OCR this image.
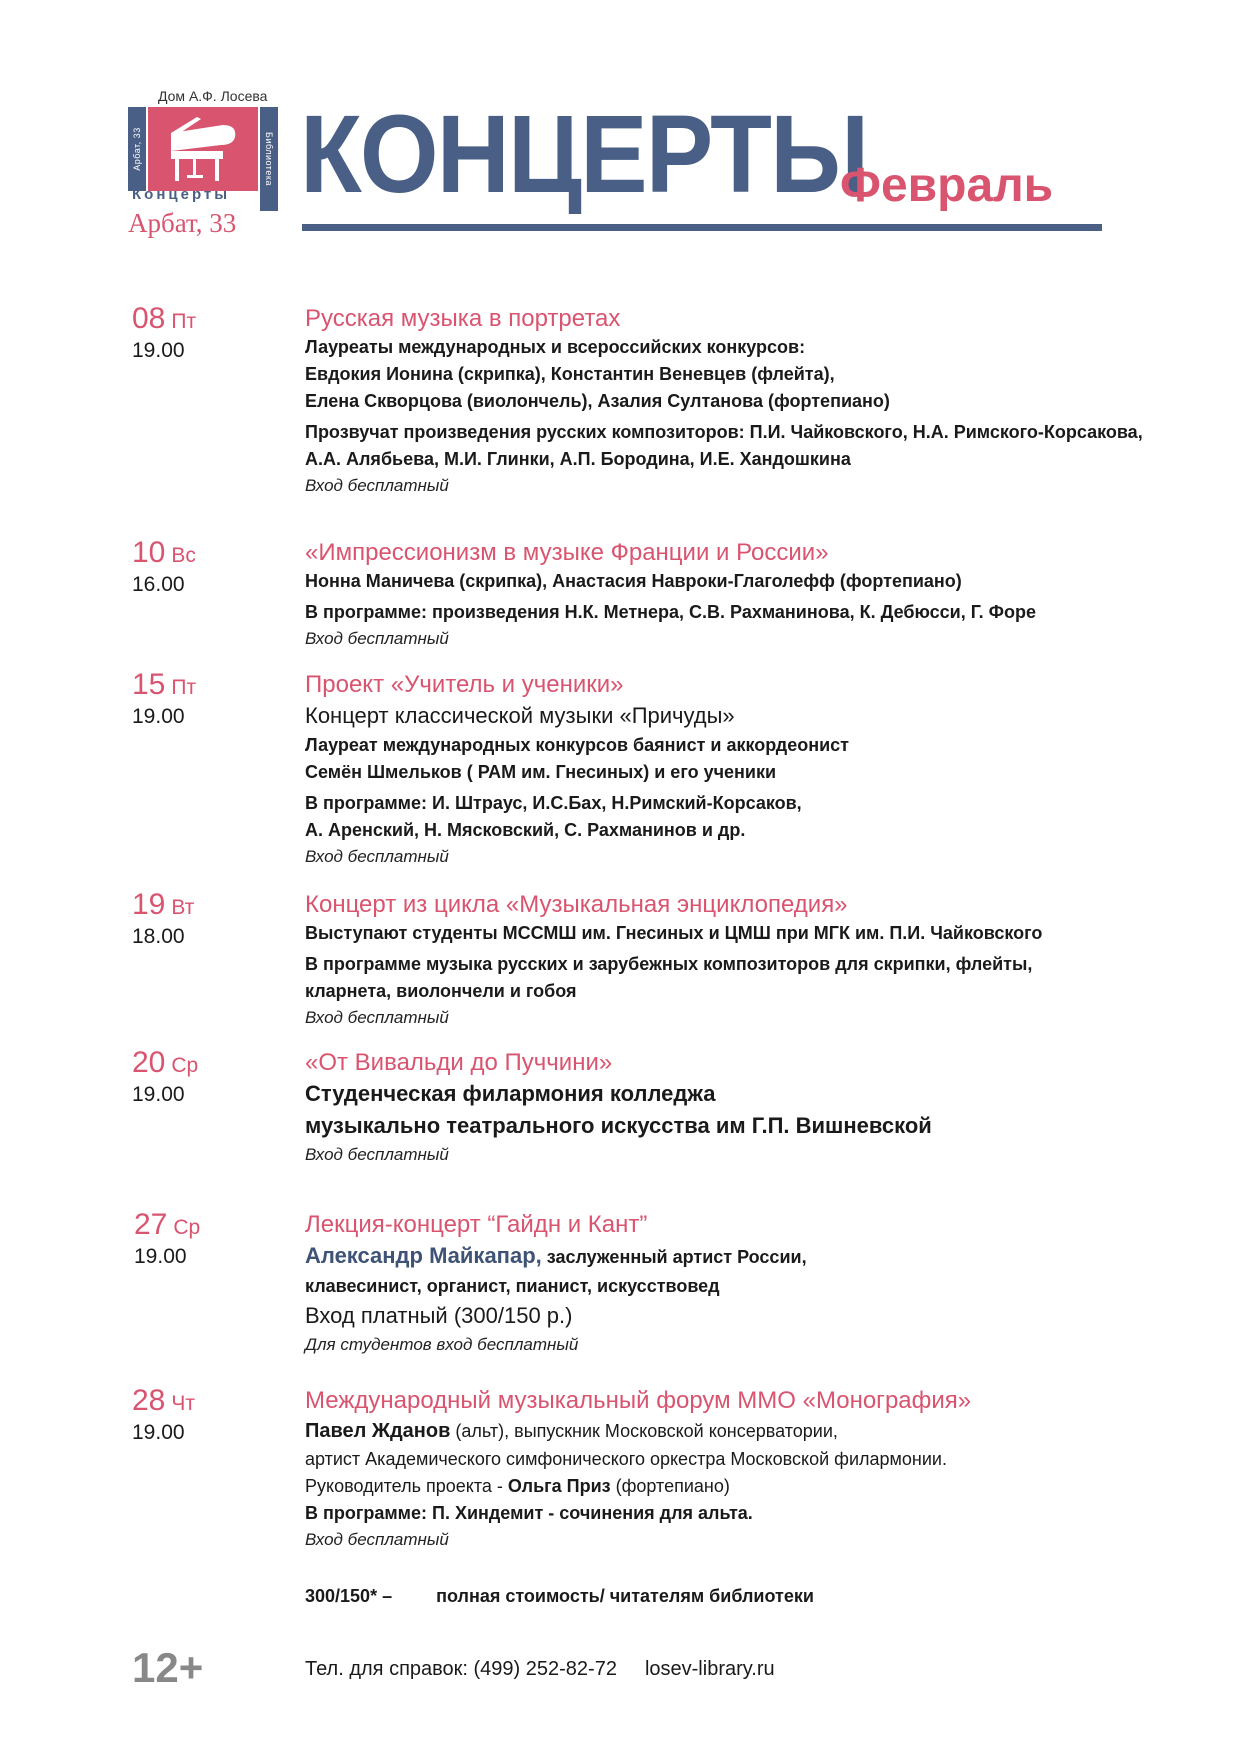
Дом А.Ф. Лосева
Арбат, 33	Библиотека
Концерты
Арбат, 33
КОНЦЕРТЫ
Февраль
08 Пт
19.00
Русская музыка в портретах
Лауреаты международных и всероссийских конкурсов:
Евдокия Ионина (скрипка), Константин Веневцев (флейта),
Елена Скворцова (виолончель), Азалия Султанова (фортепиано)
Прозвучат произведения русских композиторов: П.И. Чайковского, Н.А. Римского-Корсакова,
А.А. Алябьева, М.И. Глинки, А.П. Бородина, И.Е. Хандошкина
Вход бесплатный
10 Вс
16.00
«Импрессионизм в музыке Франции и России»
Нонна Маничева (скрипка), Анастасия Навроки-Глаголефф (фортепиано)
В программе: произведения Н.К. Метнера, С.В. Рахманинова, К. Дебюсси, Г. Форе
Вход бесплатный
15 Пт
19.00
Проект «Учитель и ученики»
Концерт классической музыки «Причуды»
Лауреат международных конкурсов баянист и аккордеонист
Семён Шмельков ( РАМ им. Гнесиных) и его ученики
В программе: И. Штраус, И.С.Бах, Н.Римский-Корсаков,
А. Аренский, Н. Мясковский, С. Рахманинов и др.
Вход бесплатный
19 Вт
18.00
Концерт из цикла «Музыкальная энциклопедия»
Выступают студенты МССМШ им. Гнесиных и ЦМШ при МГК им. П.И. Чайковского
В программе музыка русских и зарубежных композиторов для скрипки, флейты,
кларнета, виолончели и гобоя
Вход бесплатный
20 Ср
19.00
«От Вивальди до Пуччини»
Студенческая филармония колледжа
музыкально театрального искусства им Г.П. Вишневской
Вход бесплатный
27 Ср
19.00
Лекция-концерт “Гайдн и Кант”
Александр Майкапар, заслуженный артист России,
клавесинист, органист, пианист, искусствовед
Вход платный (300/150 р.)
Для студентов вход бесплатный
28 Чт
19.00
Международный музыкальный форум ММО «Монография»
Павел Жданов (альт), выпускник Московской консерватории,
артист Академического симфонического оркестра Московской филармонии.
Руководитель проекта - Ольга Приз (фортепиано)
В программе: П. Хиндемит - сочинения для альта.
Вход бесплатный
300/150* – полная стоимость/ читателям библиотеки
12+	Тел. для справок: (499) 252-82-72 losev-library.ru
